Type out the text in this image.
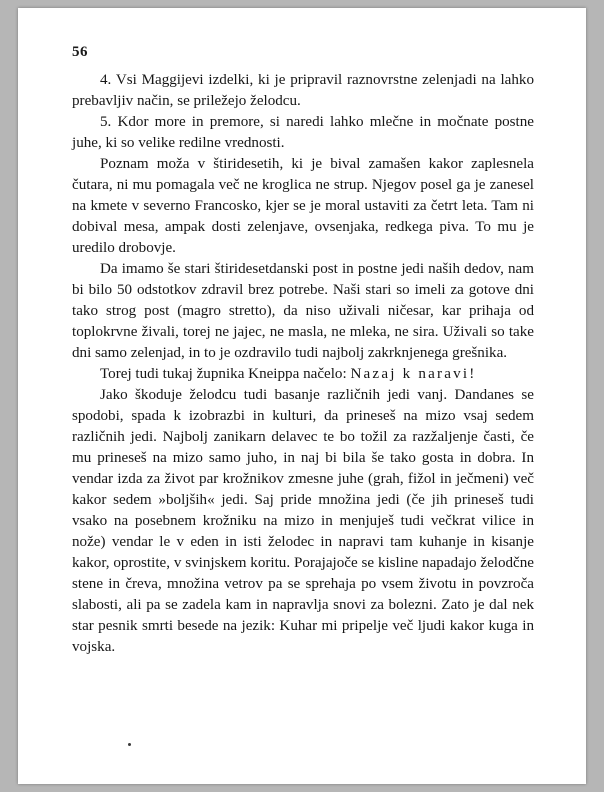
56

4. Vsi Maggijevi izdelki, ki je pripravil raznovrstne zelenjadi na lahko prebavljiv način, se priležejo želodcu.

5. Kdor more in premore, si naredi lahko mlečne in močnate postne juhe, ki so velike redilne vrednosti.

Poznam moža v štiridesetih, ki je bival zamašen kakor zaplesnela čutara, ni mu pomagala več ne kroglica ne strup. Njegov posel ga je zanesel na kmete v severno Francosko, kjer se je moral ustaviti za četrt leta. Tam ni dobival mesa, ampak dosti zelenjave, ovsenjaka, redkega piva. To mu je uredilo drobovje.

Da imamo še stari štiridesetdanski post in postne jedi naših dedov, nam bi bilo 50 odstotkov zdravil brez potrebe. Naši stari so imeli za gotove dni tako strog post (magro stretto), da niso uživali ničesar, kar prihaja od toplokrvne živali, torej ne jajec, ne masla, ne mleka, ne sira. Uživali so take dni samo zelenjad, in to je ozdravilo tudi najbolj zakrknjenega grešnika.

Torej tudi tukaj župnika Kneippa načelo: Nazaj k naravi!

Jako škoduje želodcu tudi basanje različnih jedi vanj. Dandanes se spodobi, spada k izobrazbi in kulturi, da prineseš na mizo vsaj sedem različnih jedi. Najbolj zanikarn delavec te bo tožil za razžaljenje časti, če mu prineseš na mizo samo juho, in naj bi bila še tako gosta in dobra. In vendar izda za život par krožnikov zmesne juhe (grah, fižol in ječmeni) več kakor sedem »boljših« jedi. Saj pride množina jedi (če jih prineseš tudi vsako na posebnem krožniku na mizo in menjuješ tudi večkrat vilice in nože) vendar le v eden in isti želodec in napravi tam kuhanje in kisanje kakor, oprostite, v svinjskem koritu. Porajajoče se kisline napadajo želodčne stene in čreva, množina vetrov pa se sprehaja po vsem životu in povzroča slabosti, ali pa se zadela kam in napravlja snovi za bolezni. Zato je dal nek star pesnik smrti besede na jezik: Kuhar mi pripelje več ljudi kakor kuga in vojska.
